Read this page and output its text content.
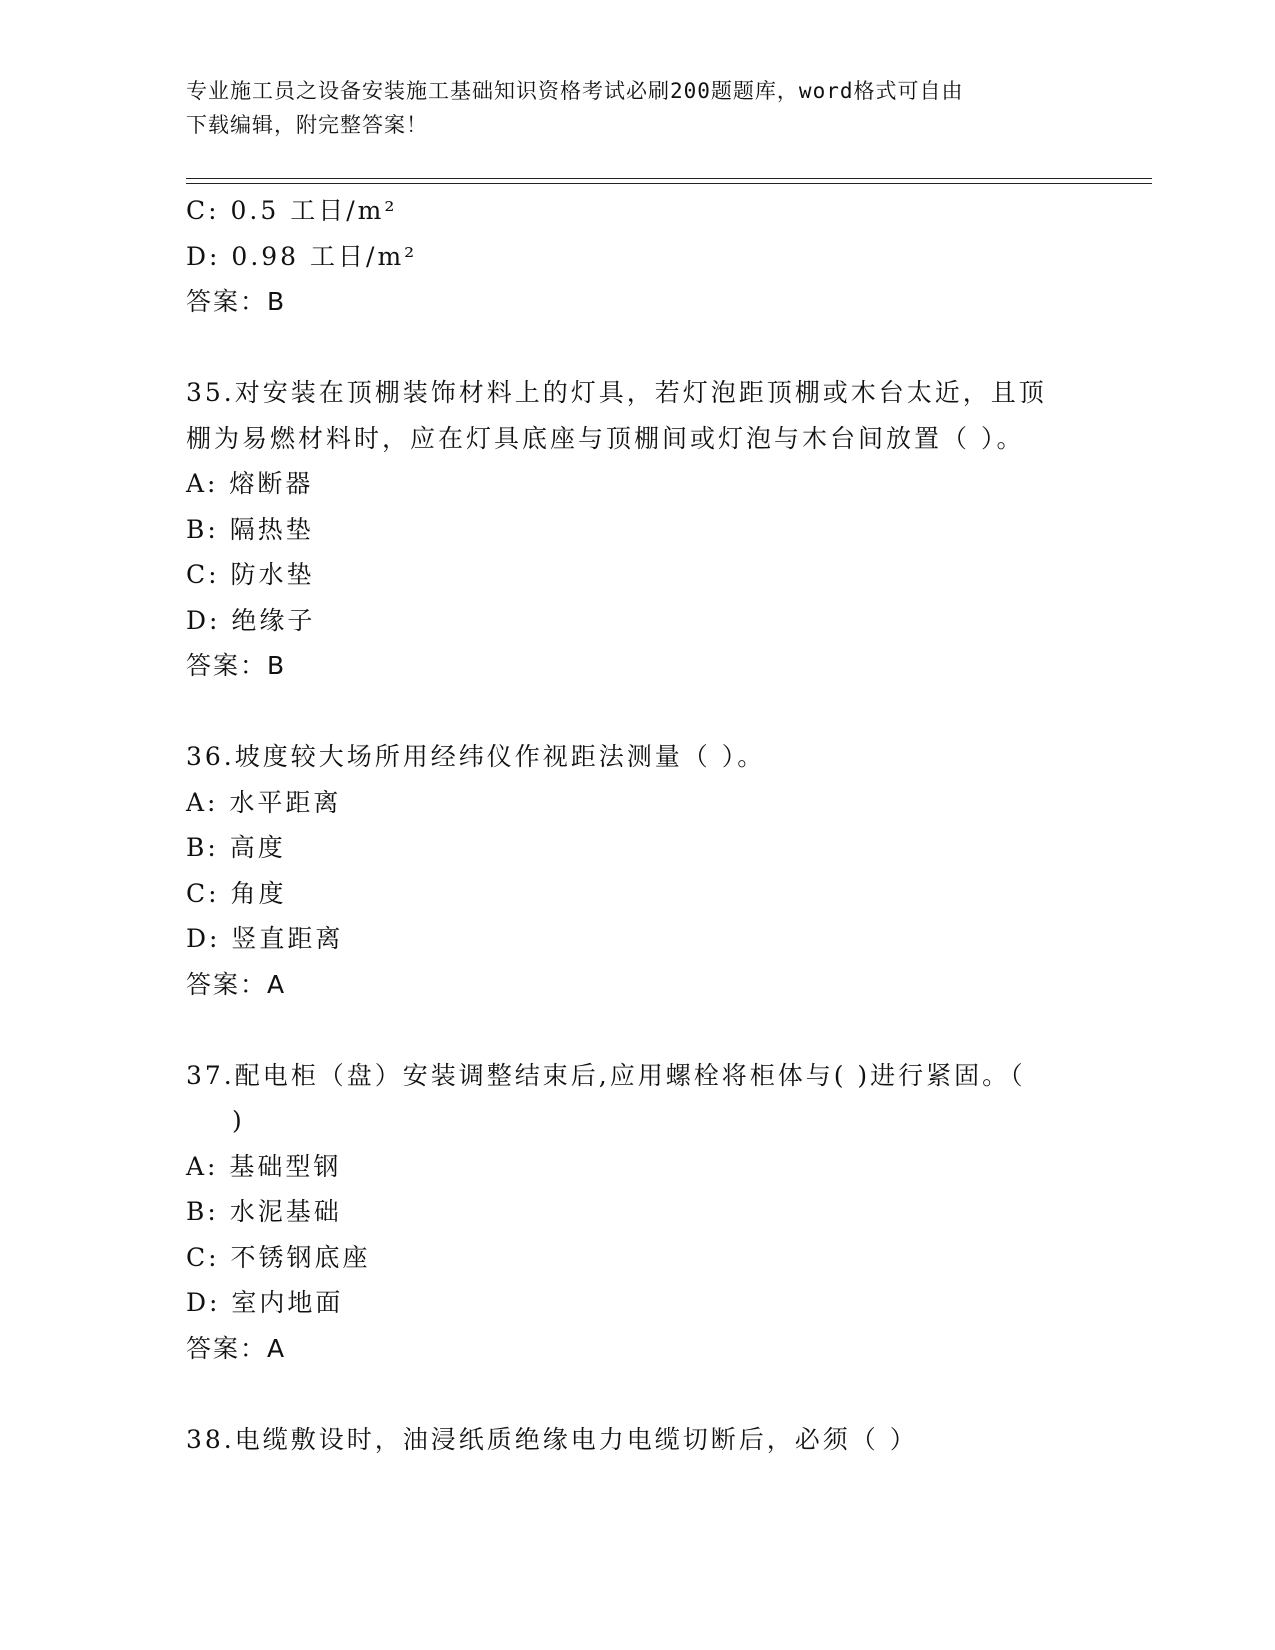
专业施工员之设备安装施工基础知识资格考试必刷200题题库，word格式可自由
下载编辑，附完整答案！
C: 0.5 工日/m²
D: 0.98 工日/m²
答案：B
35.对安装在顶棚装饰材料上的灯具，若灯泡距顶棚或木台太近，且顶
棚为易燃材料时，应在灯具底座与顶棚间或灯泡与木台间放置（ ）。
A: 熔断器
B: 隔热垫
C: 防水垫
D: 绝缘子
答案：B
36.坡度较大场所用经纬仪作视距法测量（ ）。
A: 水平距离
B: 高度
C: 角度
D: 竖直距离
答案：A
37.配电柜（盘）安装调整结束后,应用螺栓将柜体与( )进行紧固。（
)
A: 基础型钢
B: 水泥基础
C: 不锈钢底座
D: 室内地面
答案：A
38.电缆敷设时，油浸纸质绝缘电力电缆切断后，必须（ ）
